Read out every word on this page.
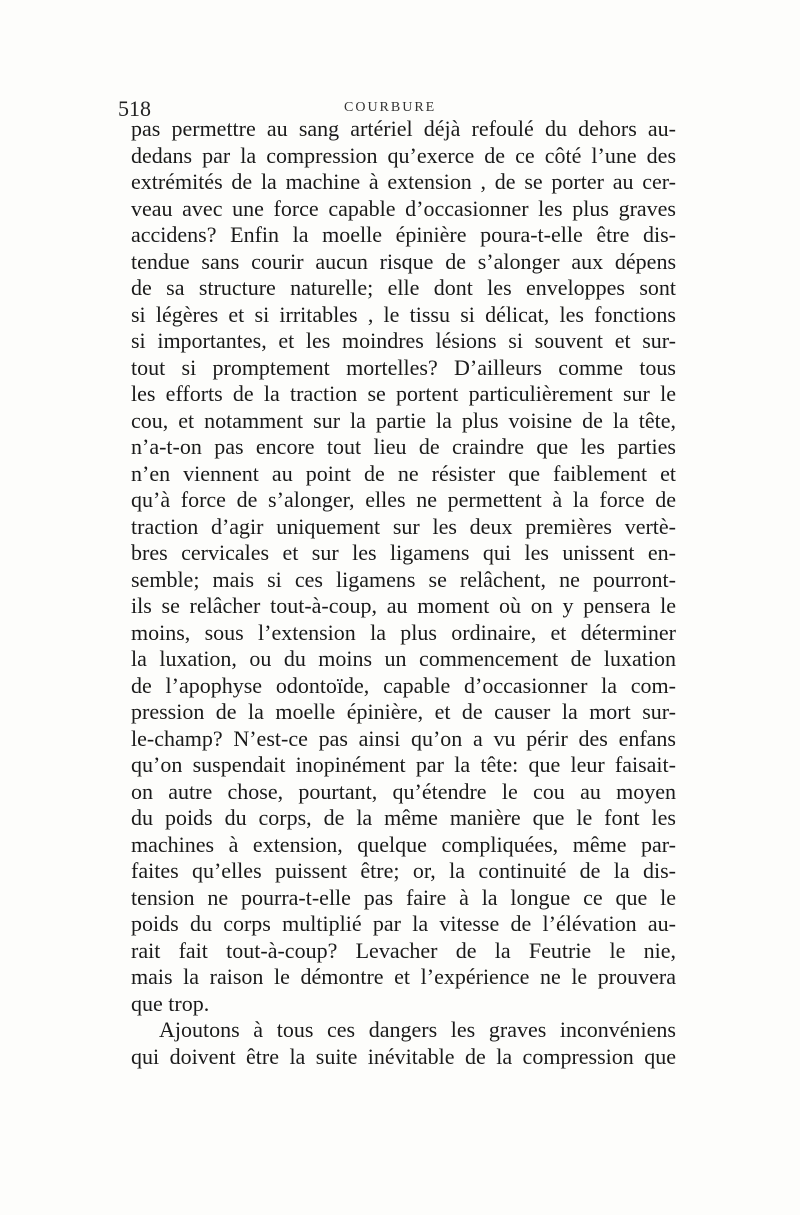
518	COURBURE
pas permettre au sang artériel déjà refoulé du dehors au-
dedans par la compression qu’exerce de ce côté l’une des
extrémités de la machine à extension , de se porter au cer-
veau avec une force capable d’occasionner les plus graves
accidens? Enfin la moelle épinière poura-t-elle être dis-
tendue sans courir aucun risque de s’alonger aux dépens
de sa structure naturelle; elle dont les enveloppes sont
si légères et si irritables , le tissu si délicat, les fonctions
si importantes, et les moindres lésions si souvent et sur-
tout si promptement mortelles? D’ailleurs comme tous
les efforts de la traction se portent particulièrement sur le
cou, et notamment sur la partie la plus voisine de la tête,
n’a-t-on pas encore tout lieu de craindre que les parties
n’en viennent au point de ne résister que faiblement et
qu’à force de s’alonger, elles ne permettent à la force de
traction d’agir uniquement sur les deux premières vertè-
bres cervicales et sur les ligamens qui les unissent en-
semble; mais si ces ligamens se relâchent, ne pourront-
ils se relâcher tout-à-coup, au moment où on y pensera le
moins, sous l’extension la plus ordinaire, et déterminer
la luxation, ou du moins un commencement de luxation
de l’apophyse odontoïde, capable d’occasionner la com-
pression de la moelle épinière, et de causer la mort sur-
le-champ? N’est-ce pas ainsi qu’on a vu périr des enfans
qu’on suspendait inopinément par la tête: que leur faisait-
on autre chose, pourtant, qu’étendre le cou au moyen
du poids du corps, de la même manière que le font les
machines à extension, quelque compliquées, même par-
faites qu’elles puissent être; or, la continuité de la dis-
tension ne pourra-t-elle pas faire à la longue ce que le
poids du corps multiplié par la vitesse de l’élévation au-
rait fait tout-à-coup? Levacher de la Feutrie le nie,
mais la raison le démontre et l’expérience ne le prouvera
que trop.
Ajoutons à tous ces dangers les graves inconvéniens
qui doivent être la suite inévitable de la compression que
